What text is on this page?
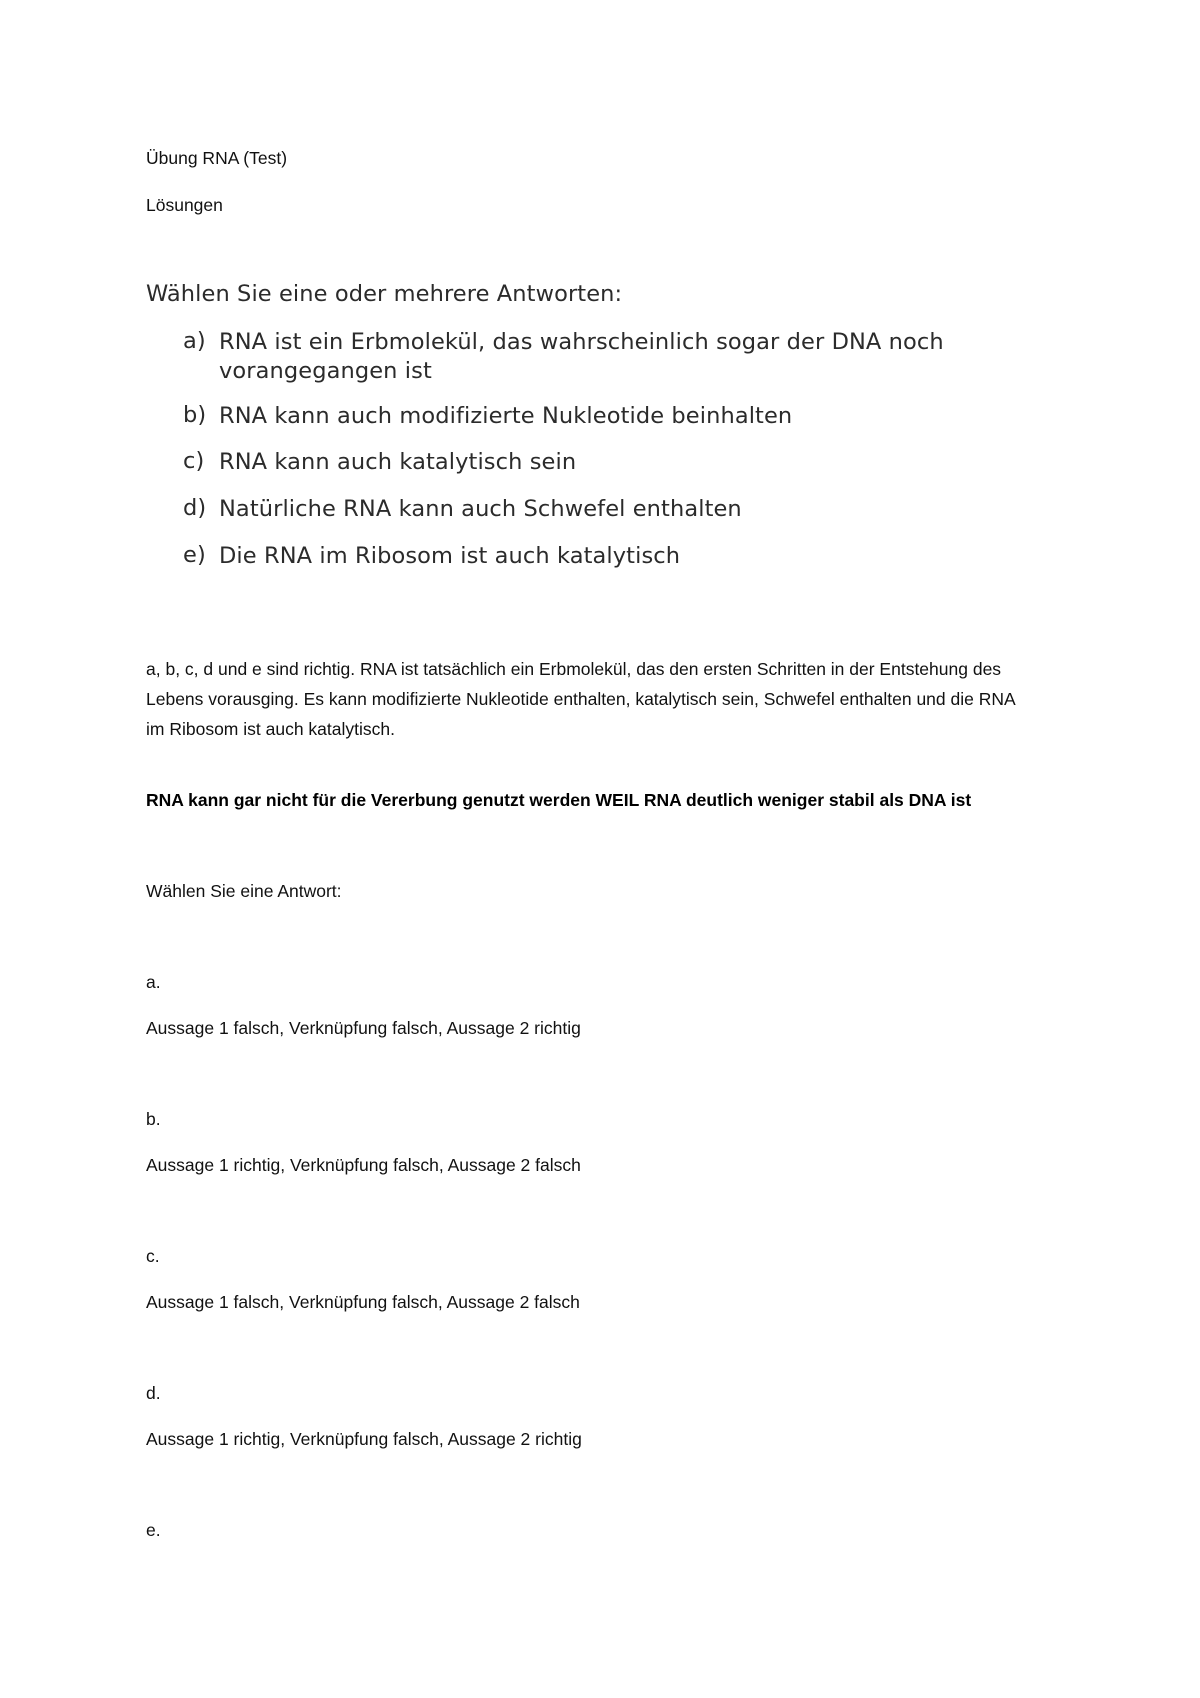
Übung RNA (Test)

Lösungen

Wählen Sie eine oder mehrere Antworten:

a) RNA ist ein Erbmolekül, das wahrscheinlich sogar der DNA noch vorangegangen ist
b) RNA kann auch modifizierte Nukleotide beinhalten
c) RNA kann auch katalytisch sein
d) Natürliche RNA kann auch Schwefel enthalten
e) Die RNA im Ribosom ist auch katalytisch

a, b, c, d und e sind richtig. RNA ist tatsächlich ein Erbmolekül, das den ersten Schritten in der Entstehung des Lebens vorausging. Es kann modifizierte Nukleotide enthalten, katalytisch sein, Schwefel enthalten und die RNA im Ribosom ist auch katalytisch.

RNA kann gar nicht für die Vererbung genutzt werden WEIL RNA deutlich weniger stabil als DNA ist

Wählen Sie eine Antwort:

a.

Aussage 1 falsch, Verknüpfung falsch, Aussage 2 richtig

b.

Aussage 1 richtig, Verknüpfung falsch, Aussage 2 falsch

c.

Aussage 1 falsch, Verknüpfung falsch, Aussage 2 falsch

d.

Aussage 1 richtig, Verknüpfung falsch, Aussage 2 richtig

e.
